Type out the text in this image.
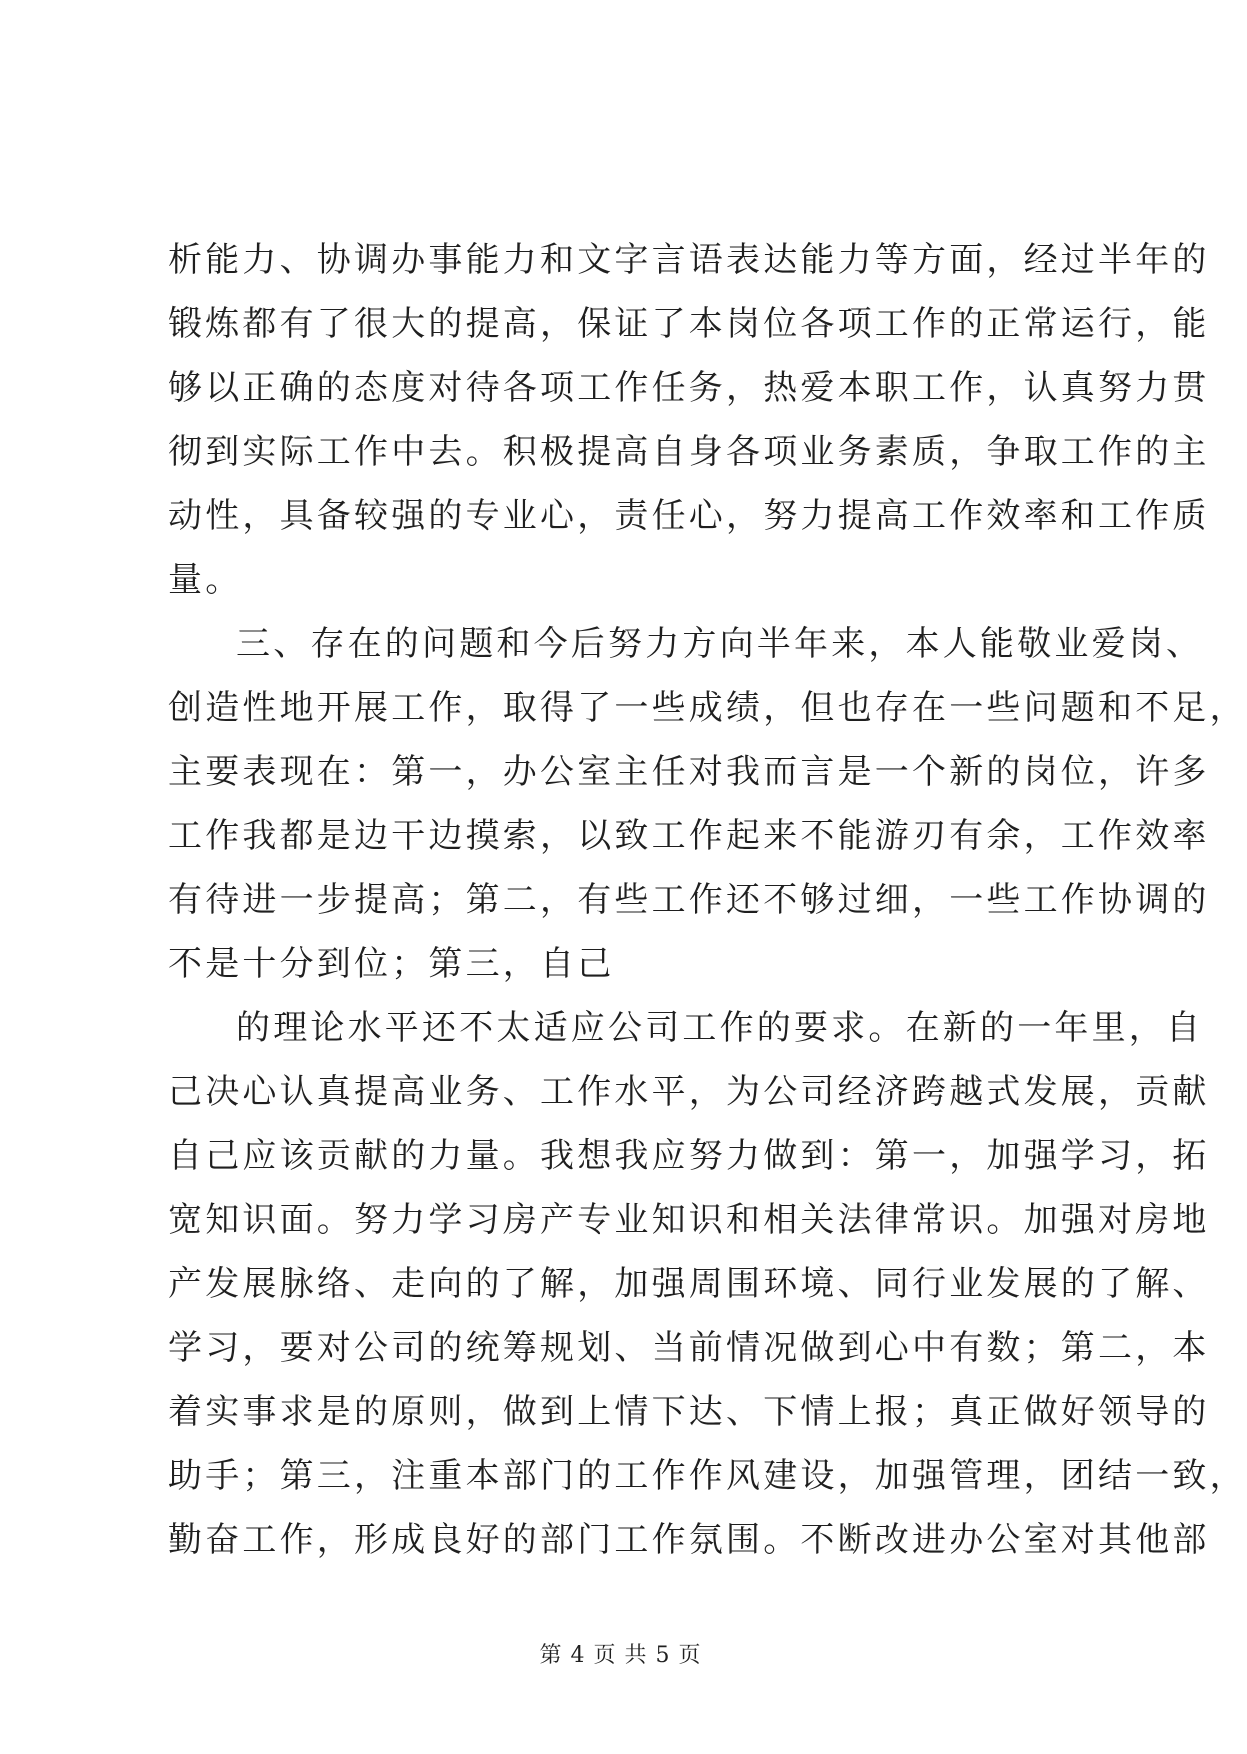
析能力、协调办事能力和文字言语表达能力等方面，经过半年的
锻炼都有了很大的提高，保证了本岗位各项工作的正常运行，能
够以正确的态度对待各项工作任务，热爱本职工作，认真努力贯
彻到实际工作中去。积极提高自身各项业务素质，争取工作的主
动性，具备较强的专业心，责任心，努力提高工作效率和工作质
量。
三、存在的问题和今后努力方向半年来，本人能敬业爱岗、
创造性地开展工作，取得了一些成绩，但也存在一些问题和不足，
主要表现在：第一，办公室主任对我而言是一个新的岗位，许多
工作我都是边干边摸索，以致工作起来不能游刃有余，工作效率
有待进一步提高；第二，有些工作还不够过细，一些工作协调的
不是十分到位；第三，自己
的理论水平还不太适应公司工作的要求。在新的一年里，自
己决心认真提高业务、工作水平，为公司经济跨越式发展，贡献
自己应该贡献的力量。我想我应努力做到：第一，加强学习，拓
宽知识面。努力学习房产专业知识和相关法律常识。加强对房地
产发展脉络、走向的了解，加强周围环境、同行业发展的了解、
学习，要对公司的统筹规划、当前情况做到心中有数；第二，本
着实事求是的原则，做到上情下达、下情上报；真正做好领导的
助手；第三，注重本部门的工作作风建设，加强管理，团结一致，
勤奋工作，形成良好的部门工作氛围。不断改进办公室对其他部
第 4 页 共 5 页
